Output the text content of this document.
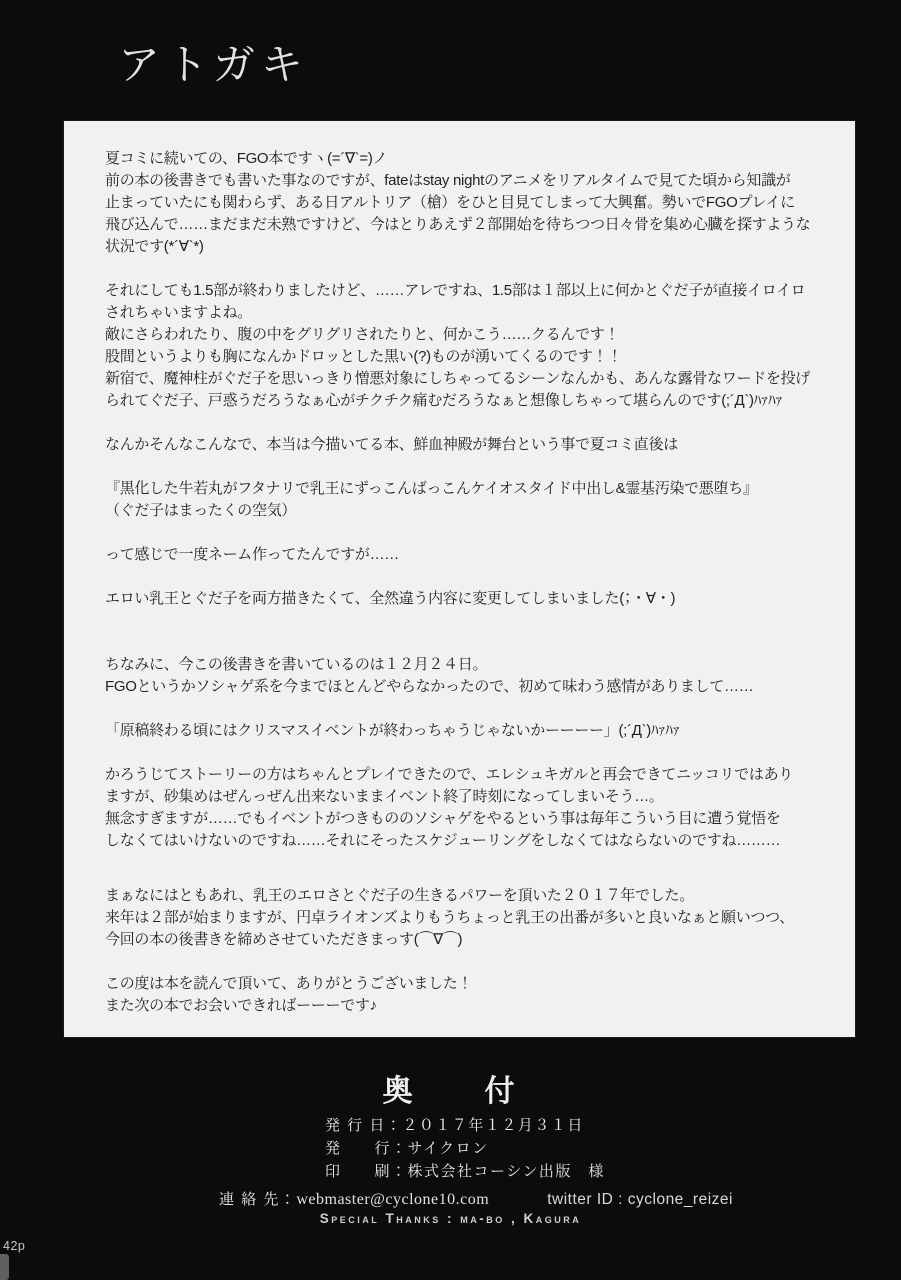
アトガキ
夏コミに続いての、FGO本ですヽ(=´∇`=)ノ
前の本の後書きでも書いた事なのですが、fateはstay nightのアニメをリアルタイムで見てた頃から知識が
止まっていたにも関わらず、ある日アルトリア（槍）をひと目見てしまって大興奮。勢いでFGOプレイに
飛び込んで……まだまだ未熟ですけど、今はとりあえず２部開始を待ちつつ日々骨を集め心臓を探すような
状況です(*´∀`*)
それにしても1.5部が終わりましたけど、……アレですね、1.5部は１部以上に何かとぐだ子が直接イロイロ
されちゃいますよね。
敵にさらわれたり、腹の中をグリグリされたりと、何かこう……クるんです！
股間というよりも胸になんかドロッとした黒い(?)ものが湧いてくるのです！！
新宿で、魔神柱がぐだ子を思いっきり憎悪対象にしちゃってるシーンなんかも、あんな露骨なワードを投げ
られてぐだ子、戸惑うだろうなぁ心がチクチク痛むだろうなぁと想像しちゃって堪らんのです(;´Д`)ﾊｧﾊｧ
なんかそんなこんなで、本当は今描いてる本、鮮血神殿が舞台という事で夏コミ直後は
『黒化した牛若丸がフタナリで乳王にずっこんばっこんケイオスタイド中出し&霊基汚染で悪堕ち』
（ぐだ子はまったくの空気）
って感じで一度ネーム作ってたんですが……
エロい乳王とぐだ子を両方描きたくて、全然違う内容に変更してしまいました(；・∀・)
ちなみに、今この後書きを書いているのは１２月２４日。
FGOというかソシャゲ系を今までほとんどやらなかったので、初めて味わう感情がありまして……
「原稿終わる頃にはクリスマスイベントが終わっちゃうじゃないかーーーー」(;´Д`)ﾊｧﾊｧ
かろうじてストーリーの方はちゃんとプレイできたので、エレシュキガルと再会できてニッコリではあり
ますが、砂集めはぜんっぜん出来ないままイベント終了時刻になってしまいそう…。
無念すぎますが……でもイベントがつきもののソシャゲをやるという事は毎年こういう目に遭う覚悟を
しなくてはいけないのですね……それにそったスケジューリングをしなくてはならないのですね………
まぁなにはともあれ、乳王のエロさとぐだ子の生きるパワーを頂いた２０１７年でした。
来年は２部が始まりますが、円卓ライオンズよりもうちょっと乳王の出番が多いと良いなぁと願いつつ、
今回の本の後書きを締めさせていただきまっす(⌒∇⌒)
この度は本を読んで頂いて、ありがとうございました！
また次の本でお会いできればーーーです♪
奥　　付
発 行 日：２０１７年１２月３１日
発　　行：サイクロン
印　　刷：株式会社コーシン出版　様
連 絡 先：webmaster@cyclone10.com	twitter ID : cyclone_reizei
Special Thanks : ma-bo , Kagura
42p
